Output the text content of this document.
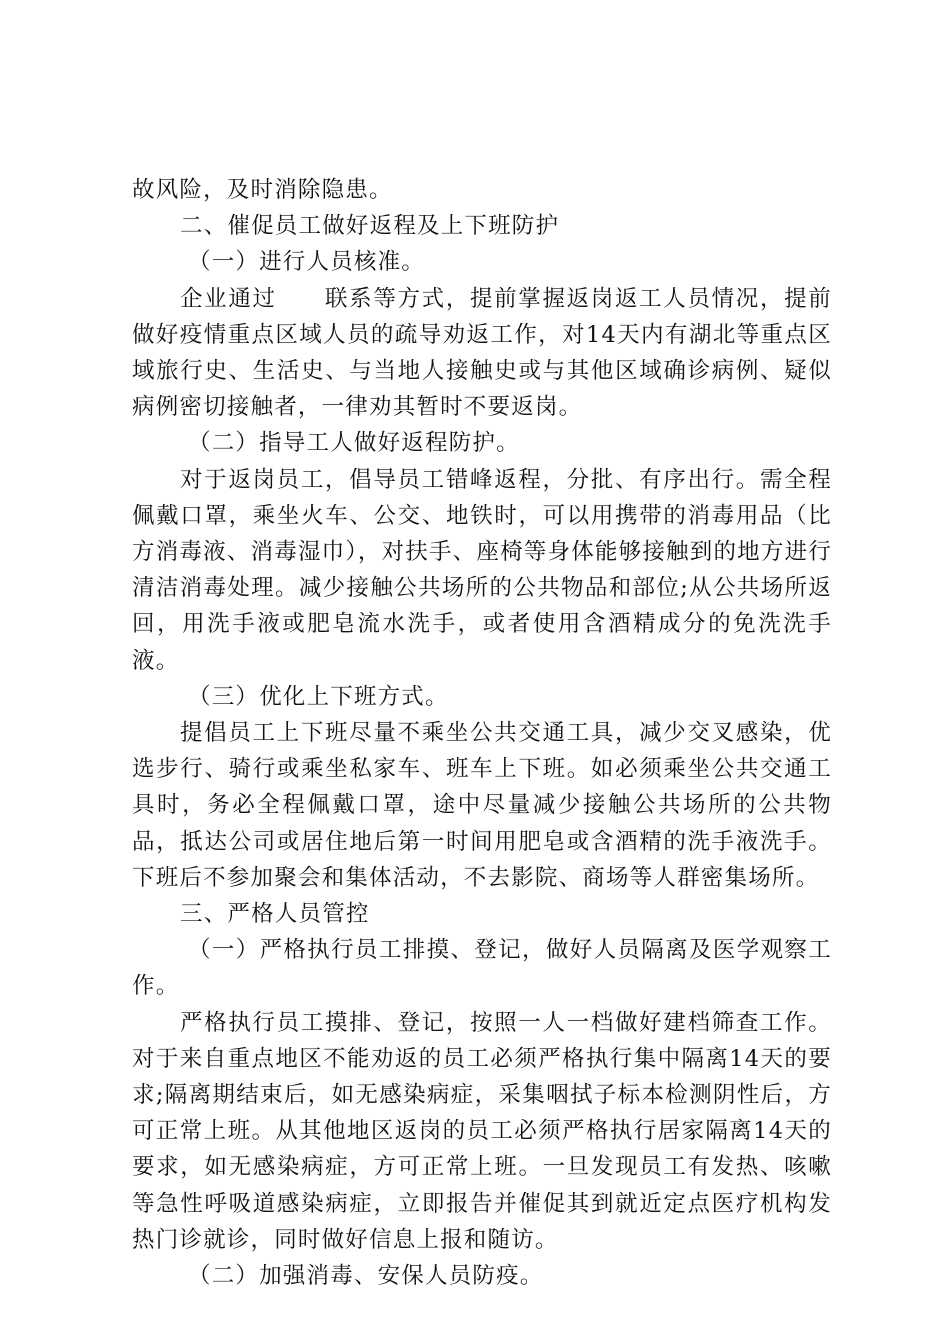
故风险，及时消除隐患。

二、催促员工做好返程及上下班防护

（一）进行人员核准。

企业通过　　联系等方式，提前掌握返岗返工人员情况，提前做好疫情重点区域人员的疏导劝返工作，对14天内有湖北等重点区域旅行史、生活史、与当地人接触史或与其他区域确诊病例、疑似病例密切接触者，一律劝其暂时不要返岗。

（二）指导工人做好返程防护。

对于返岗员工，倡导员工错峰返程，分批、有序出行。需全程佩戴口罩，乘坐火车、公交、地铁时，可以用携带的消毒用品（比方消毒液、消毒湿巾），对扶手、座椅等身体能够接触到的地方进行清洁消毒处理。减少接触公共场所的公共物品和部位;从公共场所返回，用洗手液或肥皂流水洗手，或者使用含酒精成分的免洗洗手液。

（三）优化上下班方式。

提倡员工上下班尽量不乘坐公共交通工具，减少交叉感染，优选步行、骑行或乘坐私家车、班车上下班。如必须乘坐公共交通工具时，务必全程佩戴口罩，途中尽量减少接触公共场所的公共物品，抵达公司或居住地后第一时间用肥皂或含酒精的洗手液洗手。下班后不参加聚会和集体活动，不去影院、商场等人群密集场所。

三、严格人员管控

（一）严格执行员工排摸、登记，做好人员隔离及医学观察工作。

严格执行员工摸排、登记，按照一人一档做好建档筛查工作。对于来自重点地区不能劝返的员工必须严格执行集中隔离14天的要求;隔离期结束后，如无感染病症，采集咽拭子标本检测阴性后，方可正常上班。从其他地区返岗的员工必须严格执行居家隔离14天的要求，如无感染病症，方可正常上班。一旦发现员工有发热、咳嗽等急性呼吸道感染病症，立即报告并催促其到就近定点医疗机构发热门诊就诊，同时做好信息上报和随访。

（二）加强消毒、安保人员防疫。
